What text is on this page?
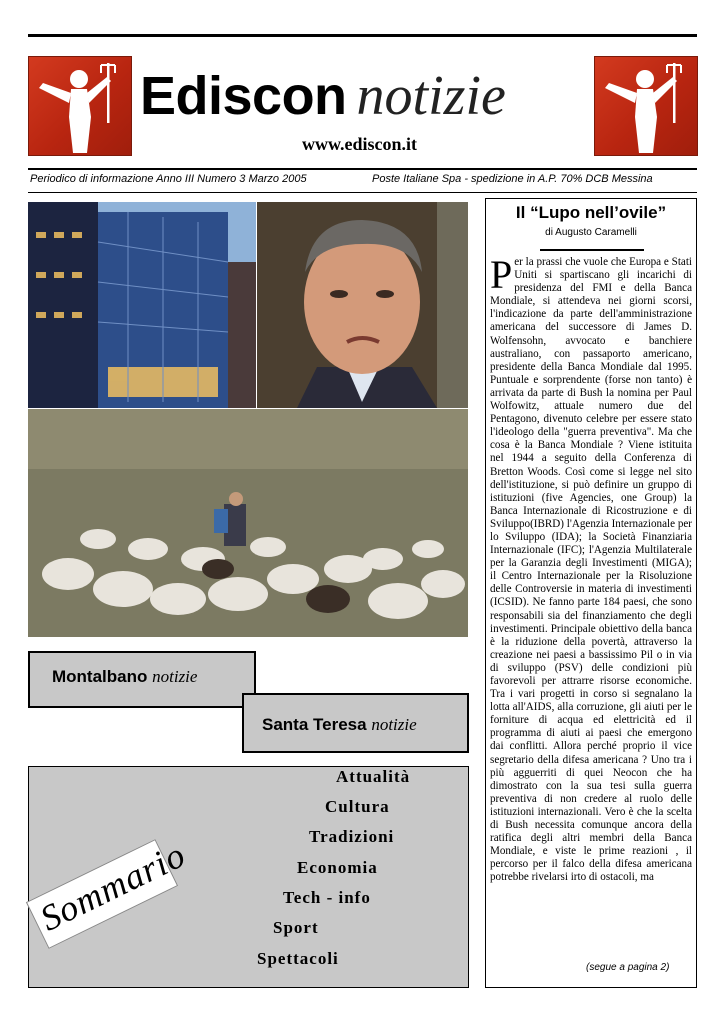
Ediscon notizie
www.ediscon.it
Periodico di informazione Anno III Numero 3 Marzo 2005	Poste Italiane Spa - spedizione in A.P. 70% DCB Messina
Montalbano notizie
Santa Teresa notizie
Attualità
Cultura
Tradizioni
Economia
Tech - info
Sport
Spettacoli
Sommario
Il “Lupo nell’ovile”
di Augusto Caramelli
Per la prassi che vuole che Europa e Stati Uniti si spartiscano gli incarichi di presidenza del FMI e della Banca Mondiale, si attendeva nei giorni scorsi, l'indicazione da parte dell'amministrazione americana del successore di James D. Wolfensohn, avvocato e banchiere australiano, con passaporto americano, presidente della Banca Mondiale dal 1995. Puntuale e sorprendente (forse non tanto) è arrivata da parte di Bush la nomina per Paul Wolfowitz, attuale numero due del Pentagono, divenuto celebre per essere stato l'ideologo della "guerra preventiva". Ma che cosa è la Banca Mondiale ? Viene istituita nel 1944 a seguito della Conferenza di Bretton Woods. Così come si legge nel sito dell'istituzione, si può definire un gruppo di istituzioni (five Agencies, one Group) la Banca Internazionale di Ricostruzione e di Sviluppo(IBRD) l'Agenzia Internazionale per lo Sviluppo (IDA); la Società Finanziaria Internazionale (IFC); l'Agenzia Multilaterale per la Garanzia degli Investimenti (MIGA); il Centro Internazionale per la Risoluzione delle Controversie in materia di investimenti (ICSID). Ne fanno parte 184 paesi, che sono responsabili sia del finanziamento che degli investimenti. Principale obiettivo della banca è la riduzione della povertà, attraverso la creazione nei paesi a bassissimo Pil o in via di sviluppo (PSV) delle condizioni più favorevoli per attrarre risorse economiche. Tra i vari progetti in corso si segnalano la lotta all'AIDS, alla corruzione, gli aiuti per le forniture di acqua ed elettricità ed il programma di aiuti ai paesi che emergono dai conflitti. Allora perché proprio il vice segretario della difesa americana ? Uno tra i più agguerriti di quei Neocon che ha dimostrato con la sua tesi sulla guerra preventiva di non credere al ruolo delle istituzioni internazionali. Vero è che la scelta di Bush necessita comunque ancora della ratifica degli altri membri della Banca Mondiale, e viste le prime reazioni , il percorso per il falco della difesa americana potrebbe rivelarsi irto di ostacoli, ma
(segue a pagina 2)
